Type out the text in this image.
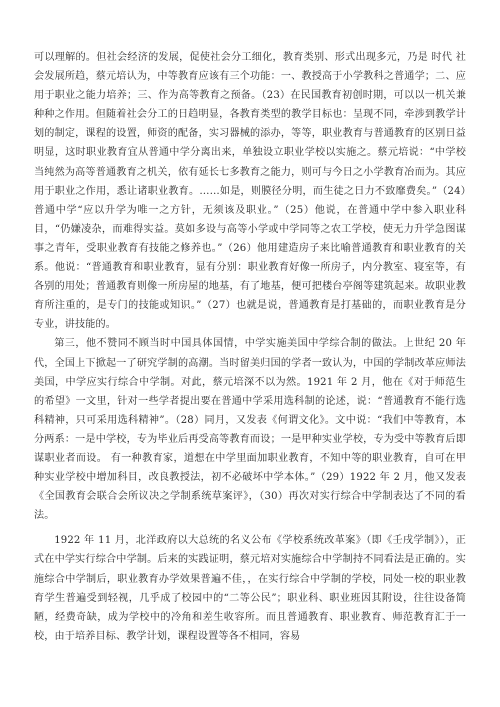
可以理解的。但社会经济的发展，促使社会分工细化，教育类别、形式出现多元，乃是 时代 社会发展所趋，蔡元培认为，中等教育应该有三个功能：一、教授高于小学教科之普通学；二、应用于职业之能力培养；三、作为高等教育之预备。（23）在民国教育初创时期，可以以一机关兼种种之作用。但随着社会分工的日趋明显，各教育类型的教学目标也：呈现不同，牵涉到教学计划的制定，课程的设置，师资的配备，实习器械的添办，等等，职业教育与普通教育的区别日益明显，这时职业教育宜从普通中学分离出来，单独设立职业学校以实施之。蔡元培说：“中学校当纯然为高等普通教育之机关，依有延长七多教育之能力，则可与今日之小学教育冶而为。其应用于职业之作用，悉让诸职业教育。……如是，则膜径分明，而生徒之日力不致靡费矣。”（24）普通中学“应以升学为唯一之方针，无须该及职业。”（25）他说，在普通中学中参入职业科目，“仍嫌凌杂，而难得实益。莫如多设与高等小学或中学同等之农工学校，使无力升学急图谋事之青年，受职业教育有技能之修养也。”（26）他用建造房子来比喻普通教育和职业教育的关系。他说：“普通教育和职业教育，显有分别：职业教育好像一所房子，内分教室、寝室等，有各别的用处；普通教育则像一所房屋的地基，有了地基，便可把楼台亭阁等建筑起来。故职业教育所注重的，是专门的技能或知识。”（27）也就是说，普通教育是打基础的，而职业教育是分专业，讲技能的。

第三，他不赞同不顾当时中国具体国情，中学实施美国中学综合制的做法。上世纪 20 年代，全国上下掀起一了研究学制的高潮。当时留美归国的学者一致认为，中国的学制改革应师法美国，中学应实行综合中学制。对此，蔡元培深不以为然。1921 年 2 月，他在《对于师范生的希望》一文里，针对一些学者提出要在普通中学采用选科制的论述，说：“普通教育不能行选科精神，只可采用选科精神”。（28）同月，又发表《何谓文化》。文中说：“我们中等教育，本分两系：一是中学校，专为毕业后再受高等教育而设；一是甲种实业学校，专为受中等教育后即谋职业者而设。 有一种教育家，道想在中学里面加职业教育，不知中等的职业教育，自可在甲种实业学校中增加科目，改良教授法，初不必破坏中学本体。”（29）1922 年 2 月，他又发表《全国教育会联合会所议决之学制系统草案评》，（30）再次对实行综合中学制表达了不同的看法。

1922 年 11 月，北洋政府以大总统的名义公布《学校系统改革案》（即《壬戌学制》），正式在中学实行综合中学制。后来的实践证明，蔡元培对实施综合中学制持不同看法是正确的。实施综合中学制后，职业教育办学效果普遍不佳，，在实行综合中学制的学校，同处一校的职业教育学生普遍受到轻视，几乎成了校园中的“二等公民”；职业科、职业班因其附设，往往设备简陋，经费奇缺，成为学校中的冷角和差生收容所。而且普通教育、职业教育、师范教育汇于一校，由于培养目标、教学计划，课程设置等各不相同，容易
